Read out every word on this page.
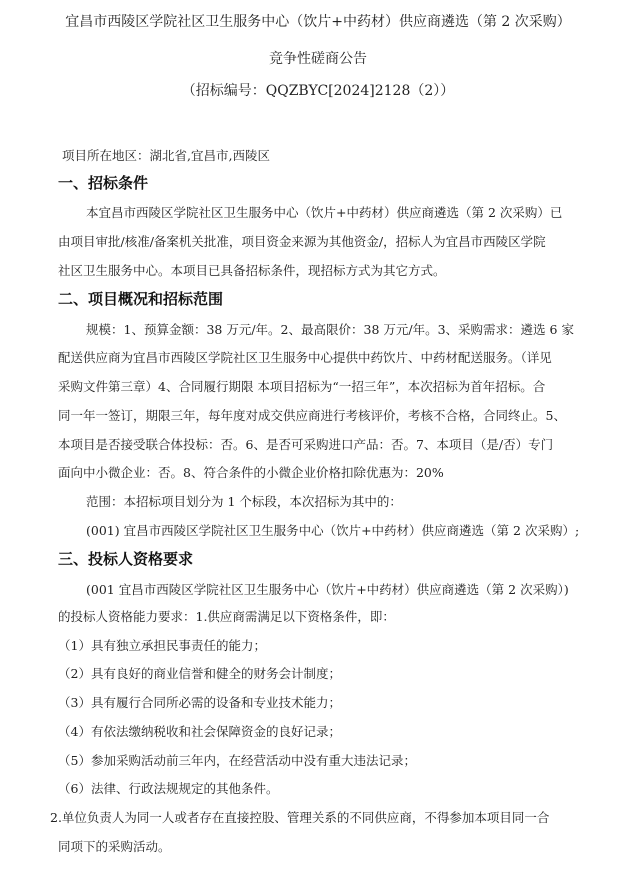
宜昌市西陵区学院社区卫生服务中心（饮片+中药材）供应商遴选（第 2 次采购）
竞争性磋商公告
（招标编号：QQZBYC[2024]2128（2））
项目所在地区：湖北省,宜昌市,西陵区
一、招标条件
本宜昌市西陵区学院社区卫生服务中心（饮片+中药材）供应商遴选（第 2 次采购）已
由项目审批/核准/备案机关批准，项目资金来源为其他资金/，招标人为宜昌市西陵区学院
社区卫生服务中心。本项目已具备招标条件，现招标方式为其它方式。
二、项目概况和招标范围
规模：1、预算金额：38 万元/年。2、最高限价：38 万元/年。3、采购需求：遴选 6 家
配送供应商为宜昌市西陵区学院社区卫生服务中心提供中药饮片、中药材配送服务。（详见
采购文件第三章）4、合同履行期限 本项目招标为“一招三年”，本次招标为首年招标。合
同一年一签订，期限三年，每年度对成交供应商进行考核评价，考核不合格，合同终止。5、
本项目是否接受联合体投标：否。6、是否可采购进口产品：否。7、本项目（是/否）专门
面向中小微企业：否。8、符合条件的小微企业价格扣除优惠为：20%
范围：本招标项目划分为 1 个标段，本次招标为其中的：
(001) 宜昌市西陵区学院社区卫生服务中心（饮片+中药材）供应商遴选（第 2 次采购）;
三、投标人资格要求
(001 宜昌市西陵区学院社区卫生服务中心（饮片+中药材）供应商遴选（第 2 次采购）)
的投标人资格能力要求：1.供应商需满足以下资格条件，即：
（1）具有独立承担民事责任的能力；
（2）具有良好的商业信誉和健全的财务会计制度；
（3）具有履行合同所必需的设备和专业技术能力；
（4）有依法缴纳税收和社会保障资金的良好记录；
（5）参加采购活动前三年内，在经营活动中没有重大违法记录；
（6）法律、行政法规规定的其他条件。
2.单位负责人为同一人或者存在直接控股、管理关系的不同供应商，不得参加本项目同一合
同项下的采购活动。
